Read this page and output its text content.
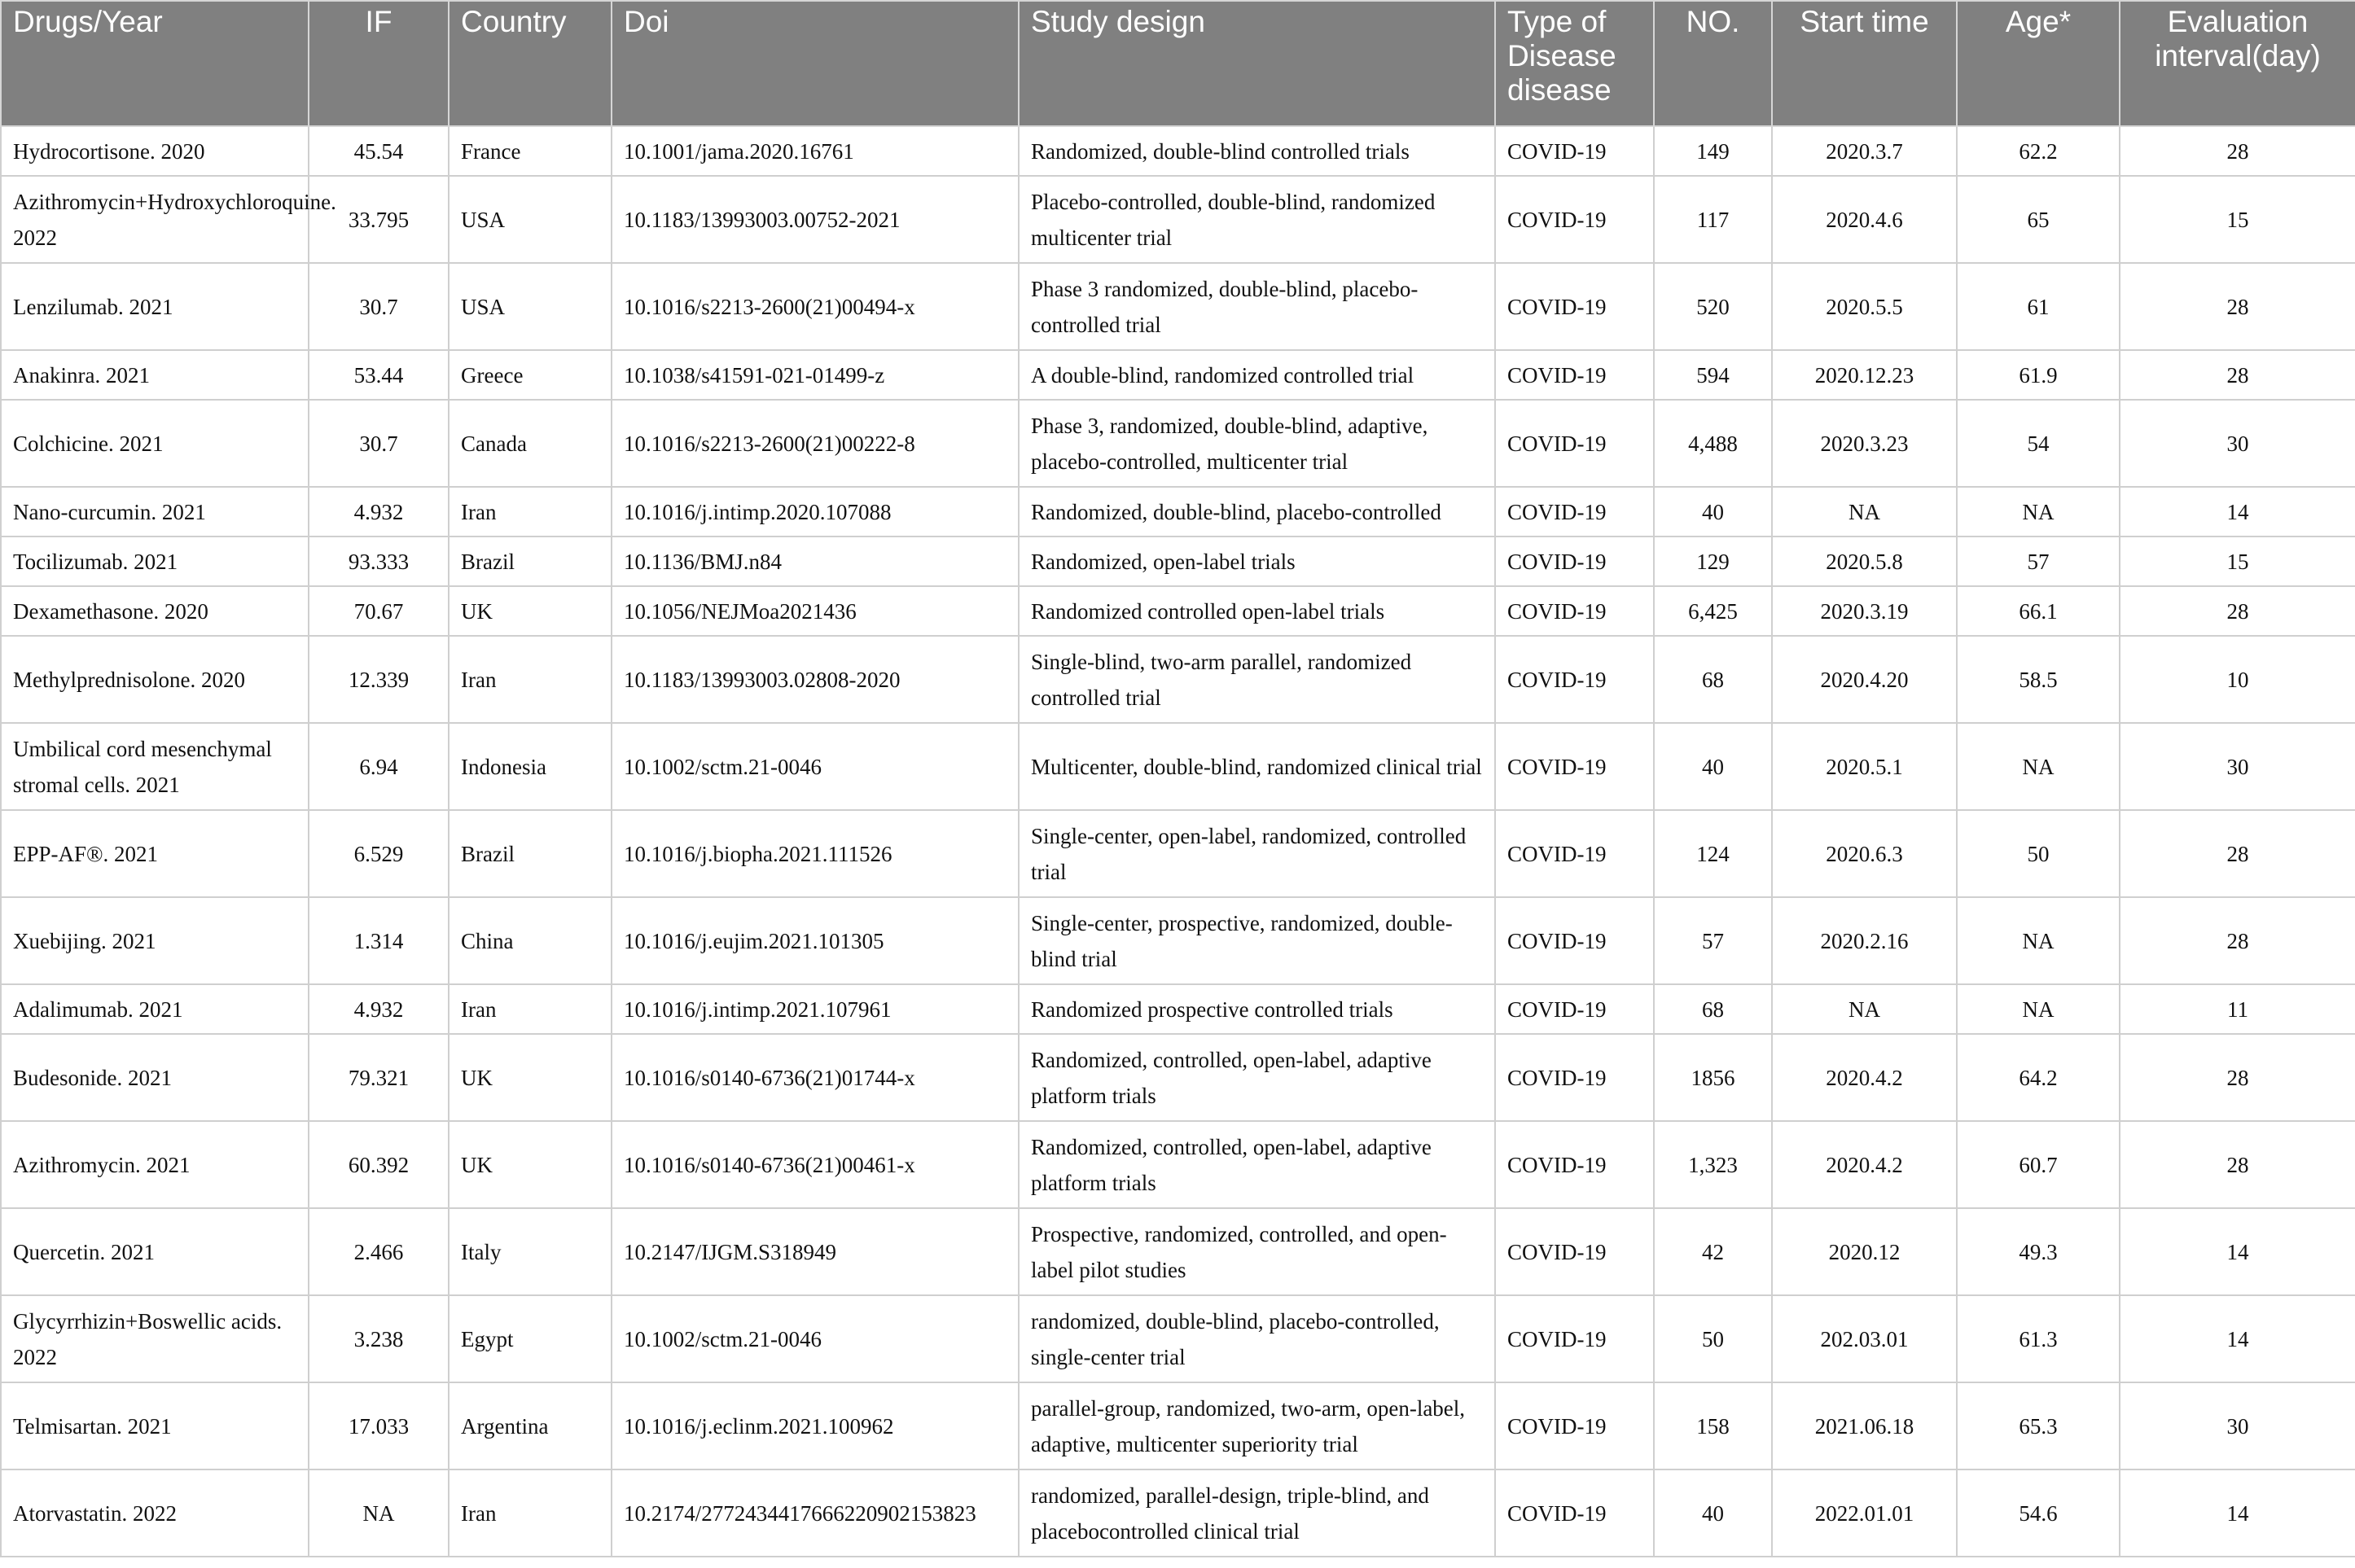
Drugs/Year	IF	Country	Doi	Study design	Type of Disease disease	NO.	Start time	Age*	Evaluation interval(day)
Hydrocortisone. 2020	45.54	France	10.1001/jama.2020.16761	Randomized, double-blind controlled trials	COVID-19	149	2020.3.7	62.2	28
Azithromycin+Hydroxychloroquine. 2022	33.795	USA	10.1183/13993003.00752-2021	Placebo-controlled, double-blind, randomized multicenter trial	COVID-19	117	2020.4.6	65	15
Lenzilumab. 2021	30.7	USA	10.1016/s2213-2600(21)00494-x	Phase 3 randomized, double-blind, placebo-controlled trial	COVID-19	520	2020.5.5	61	28
Anakinra. 2021	53.44	Greece	10.1038/s41591-021-01499-z	A double-blind, randomized controlled trial	COVID-19	594	2020.12.23	61.9	28
Colchicine. 2021	30.7	Canada	10.1016/s2213-2600(21)00222-8	Phase 3, randomized, double-blind, adaptive, placebo-controlled, multicenter trial	COVID-19	4,488	2020.3.23	54	30
Nano-curcumin. 2021	4.932	Iran	10.1016/j.intimp.2020.107088	Randomized, double-blind, placebo-controlled	COVID-19	40	NA	NA	14
Tocilizumab. 2021	93.333	Brazil	10.1136/BMJ.n84	Randomized, open-label trials	COVID-19	129	2020.5.8	57	15
Dexamethasone. 2020	70.67	UK	10.1056/NEJMoa2021436	Randomized controlled open-label trials	COVID-19	6,425	2020.3.19	66.1	28
Methylprednisolone. 2020	12.339	Iran	10.1183/13993003.02808-2020	Single-blind, two-arm parallel, randomized controlled trial	COVID-19	68	2020.4.20	58.5	10
Umbilical cord mesenchymal stromal cells. 2021	6.94	Indonesia	10.1002/sctm.21-0046	Multicenter, double-blind, randomized clinical trial	COVID-19	40	2020.5.1	NA	30
EPP-AF®. 2021	6.529	Brazil	10.1016/j.biopha.2021.111526	Single-center, open-label, randomized, controlled trial	COVID-19	124	2020.6.3	50	28
Xuebijing. 2021	1.314	China	10.1016/j.eujim.2021.101305	Single-center, prospective, randomized, double-blind trial	COVID-19	57	2020.2.16	NA	28
Adalimumab. 2021	4.932	Iran	10.1016/j.intimp.2021.107961	Randomized prospective controlled trials	COVID-19	68	NA	NA	11
Budesonide. 2021	79.321	UK	10.1016/s0140-6736(21)01744-x	Randomized, controlled, open-label, adaptive platform trials	COVID-19	1856	2020.4.2	64.2	28
Azithromycin. 2021	60.392	UK	10.1016/s0140-6736(21)00461-x	Randomized, controlled, open-label, adaptive platform trials	COVID-19	1,323	2020.4.2	60.7	28
Quercetin. 2021	2.466	Italy	10.2147/IJGM.S318949	Prospective, randomized, controlled, and open-label pilot studies	COVID-19	42	2020.12	49.3	14
Glycyrrhizin+Boswellic acids. 2022	3.238	Egypt	10.1002/sctm.21-0046	randomized, double-blind, placebo-controlled, single-center trial	COVID-19	50	202.03.01	61.3	14
Telmisartan. 2021	17.033	Argentina	10.1016/j.eclinm.2021.100962	parallel-group, randomized, two-arm, open-label, adaptive, multicenter superiority trial	COVID-19	158	2021.06.18	65.3	30
Atorvastatin. 2022	NA	Iran	10.2174/2772434417666220902153823	randomized, parallel-design, triple-blind, and placebocontrolled clinical trial	COVID-19	40	2022.01.01	54.6	14
